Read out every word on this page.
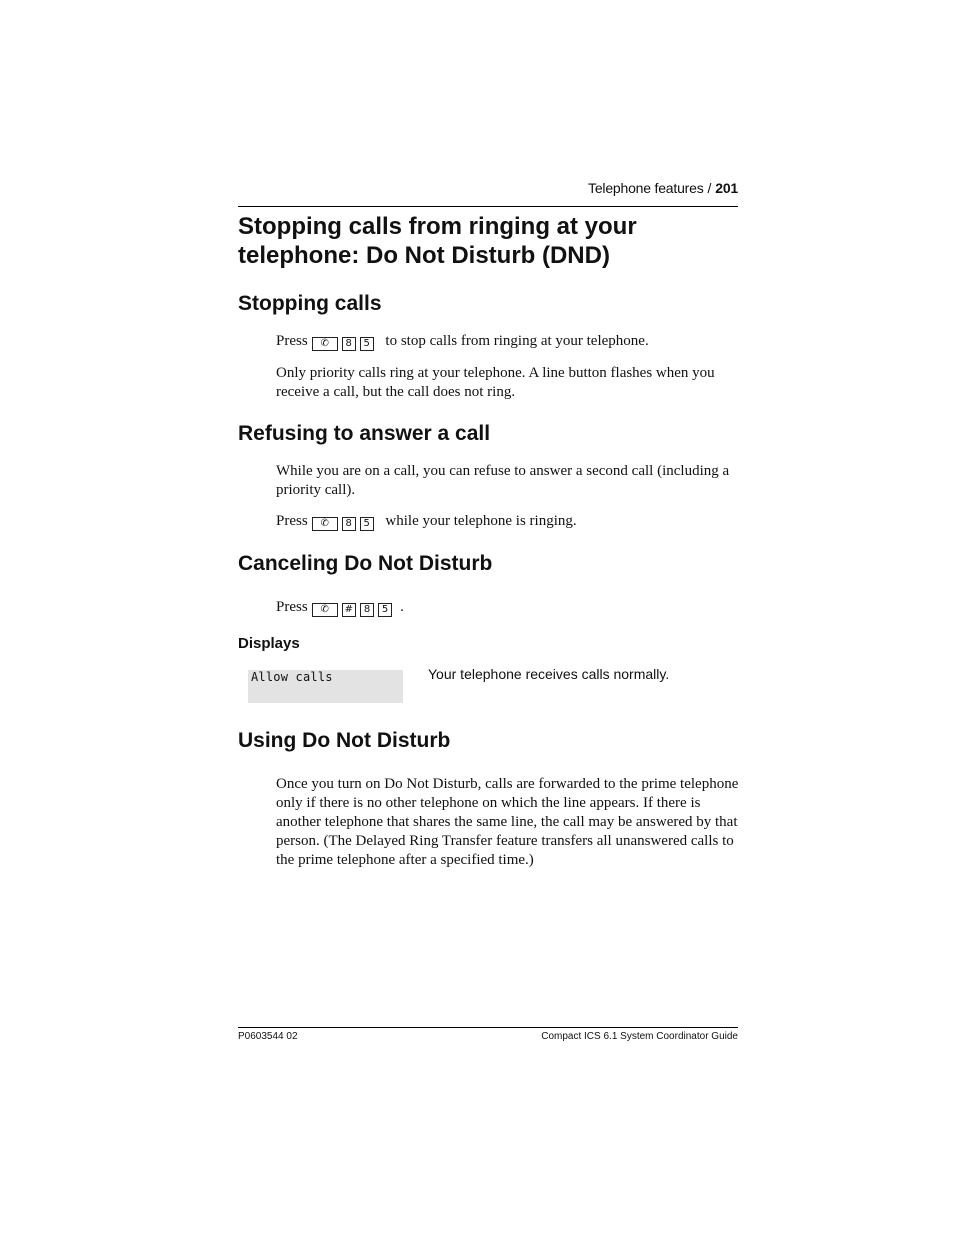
Telephone features / 201
Stopping calls from ringing at your telephone: Do Not Disturb (DND)
Stopping calls

Press ✆ 8 5 to stop calls from ringing at your telephone.

Only priority calls ring at your telephone. A line button flashes when you receive a call, but the call does not ring.

Refusing to answer a call

While you are on a call, you can refuse to answer a second call (including a priority call).

Press ✆ 8 5 while your telephone is ringing.

Canceling Do Not Disturb

Press ✆ # 8 5 .

Displays
Allow calls	Your telephone receives calls normally.
Using Do Not Disturb

Once you turn on Do Not Disturb, calls are forwarded to the prime telephone only if there is no other telephone on which the line appears. If there is another telephone that shares the same line, the call may be answered by that person. (The Delayed Ring Transfer feature transfers all unanswered calls to the prime telephone after a specified time.)

P0603544 02	Compact ICS 6.1 System Coordinator Guide
